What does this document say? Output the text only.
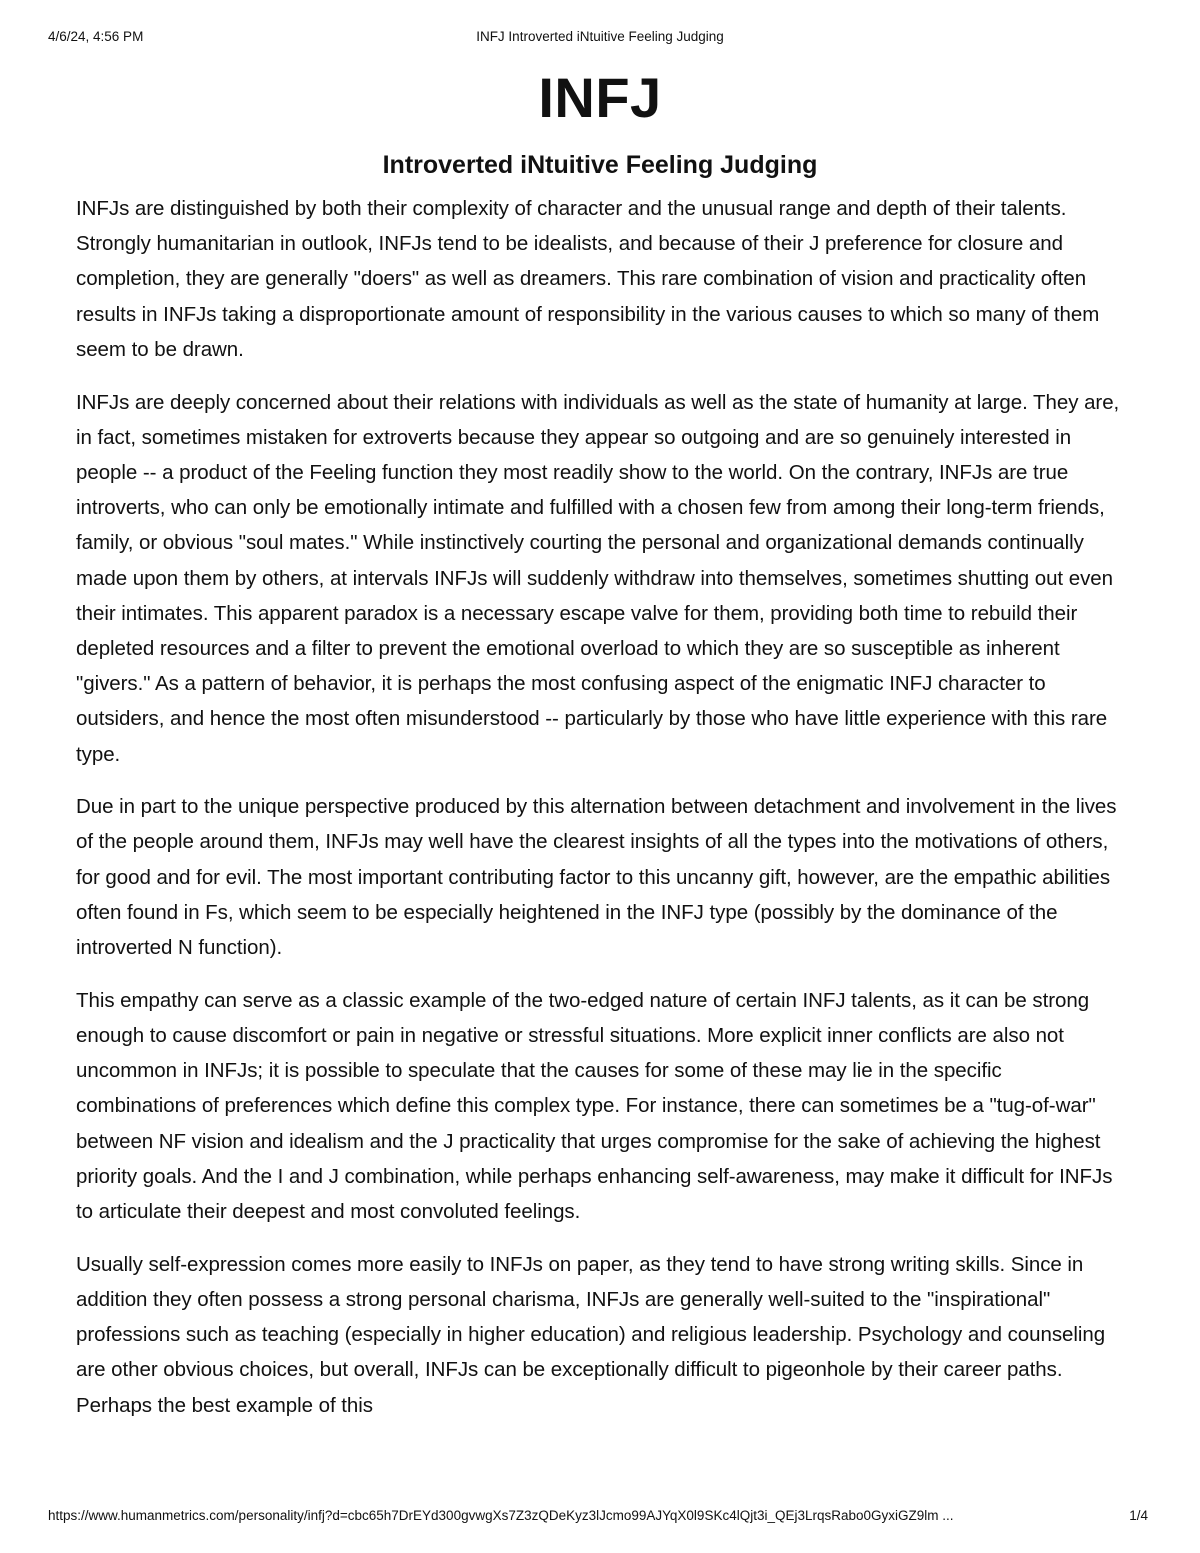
4/6/24, 4:56 PM	INFJ Introverted iNtuitive Feeling Judging
INFJ
Introverted iNtuitive Feeling Judging

INFJs are distinguished by both their complexity of character and the unusual range and depth of their talents. Strongly humanitarian in outlook, INFJs tend to be idealists, and because of their J preference for closure and completion, they are generally "doers" as well as dreamers. This rare combination of vision and practicality often results in INFJs taking a disproportionate amount of responsibility in the various causes to which so many of them seem to be drawn.

INFJs are deeply concerned about their relations with individuals as well as the state of humanity at large. They are, in fact, sometimes mistaken for extroverts because they appear so outgoing and are so genuinely interested in people -- a product of the Feeling function they most readily show to the world. On the contrary, INFJs are true introverts, who can only be emotionally intimate and fulfilled with a chosen few from among their long-term friends, family, or obvious "soul mates." While instinctively courting the personal and organizational demands continually made upon them by others, at intervals INFJs will suddenly withdraw into themselves, sometimes shutting out even their intimates. This apparent paradox is a necessary escape valve for them, providing both time to rebuild their depleted resources and a filter to prevent the emotional overload to which they are so susceptible as inherent "givers." As a pattern of behavior, it is perhaps the most confusing aspect of the enigmatic INFJ character to outsiders, and hence the most often misunderstood -- particularly by those who have little experience with this rare type.

Due in part to the unique perspective produced by this alternation between detachment and involvement in the lives of the people around them, INFJs may well have the clearest insights of all the types into the motivations of others, for good and for evil. The most important contributing factor to this uncanny gift, however, are the empathic abilities often found in Fs, which seem to be especially heightened in the INFJ type (possibly by the dominance of the introverted N function).

This empathy can serve as a classic example of the two-edged nature of certain INFJ talents, as it can be strong enough to cause discomfort or pain in negative or stressful situations. More explicit inner conflicts are also not uncommon in INFJs; it is possible to speculate that the causes for some of these may lie in the specific combinations of preferences which define this complex type. For instance, there can sometimes be a "tug-of-war" between NF vision and idealism and the J practicality that urges compromise for the sake of achieving the highest priority goals. And the I and J combination, while perhaps enhancing self-awareness, may make it difficult for INFJs to articulate their deepest and most convoluted feelings.

Usually self-expression comes more easily to INFJs on paper, as they tend to have strong writing skills. Since in addition they often possess a strong personal charisma, INFJs are generally well-suited to the "inspirational" professions such as teaching (especially in higher education) and religious leadership. Psychology and counseling are other obvious choices, but overall, INFJs can be exceptionally difficult to pigeonhole by their career paths. Perhaps the best example of this

https://www.humanmetrics.com/personality/infj?d=cbc65h7DrEYd300gvwgXs7Z3zQDeKyz3lJcmo99AJYqX0l9SKc4lQjt3i_QEj3LrqsRabo0GyxiGZ9lm ...	1/4
